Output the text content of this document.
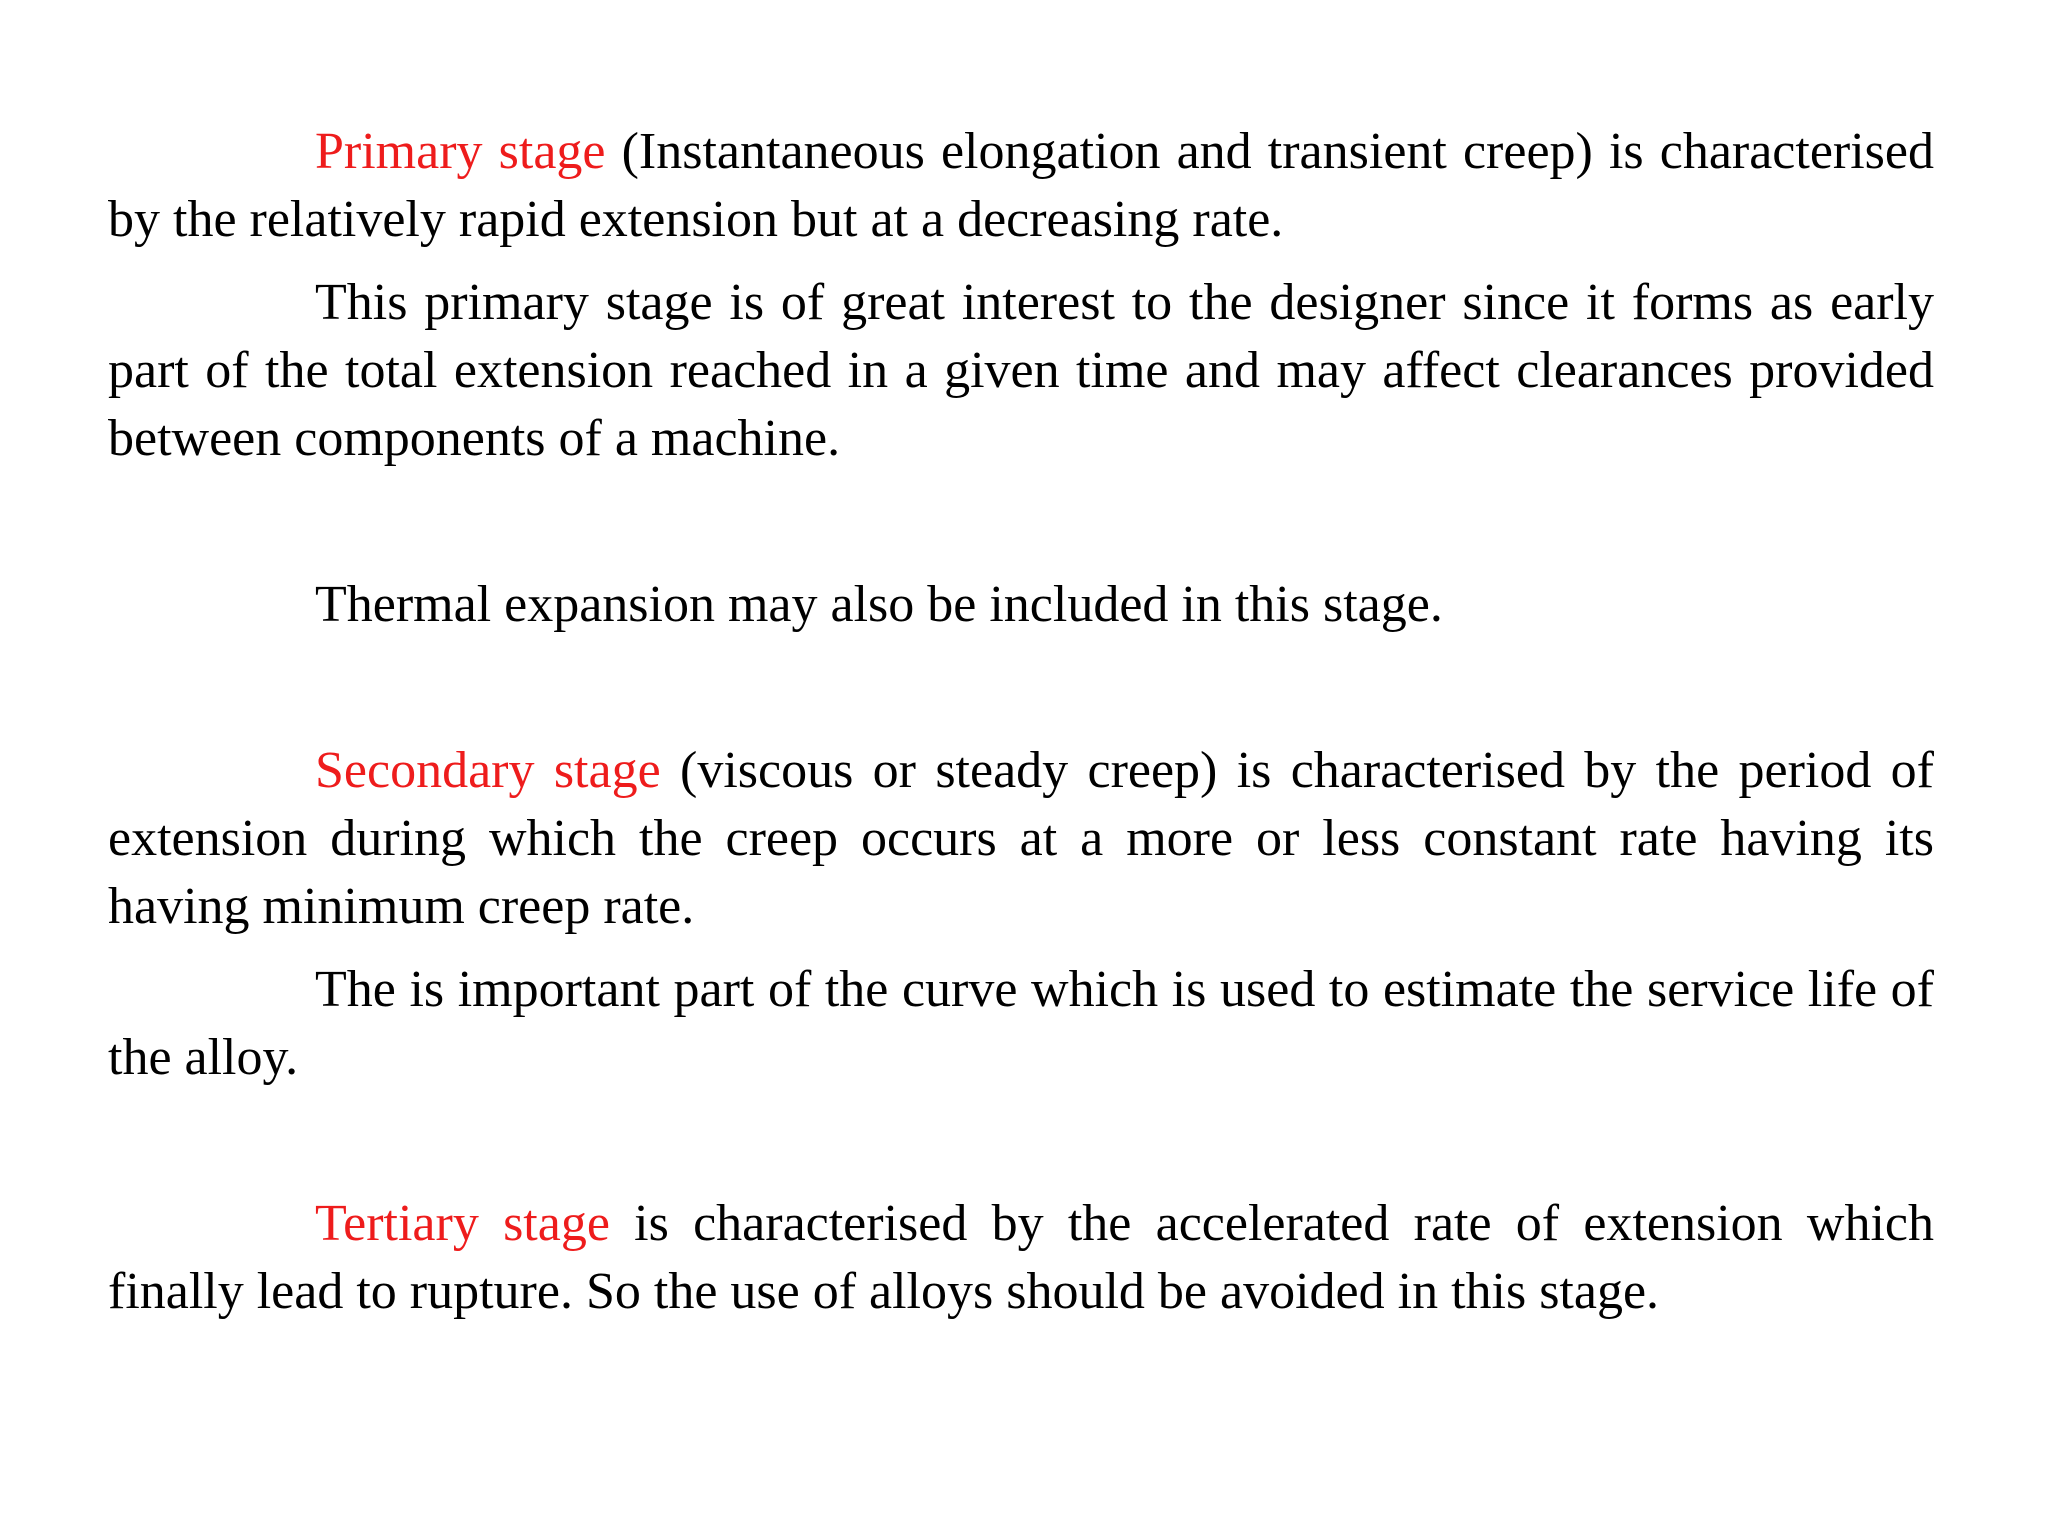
Primary stage (Instantaneous elongation and transient creep) is characterised by the relatively rapid extension but at a decreasing rate.

This primary stage is of great interest to the designer since it forms as early part of the total extension reached in a given time and may affect clearances provided between components of a machine.

Thermal expansion may also be included in this stage.

Secondary stage (viscous or steady creep) is characterised by the period of extension during which the creep occurs at a more or less constant rate having its having minimum creep rate.

The is important part of the curve which is used to estimate the service life of the alloy.

Tertiary stage is characterised by the accelerated rate of extension which finally lead to rupture. So the use of alloys should be avoided in this stage.
